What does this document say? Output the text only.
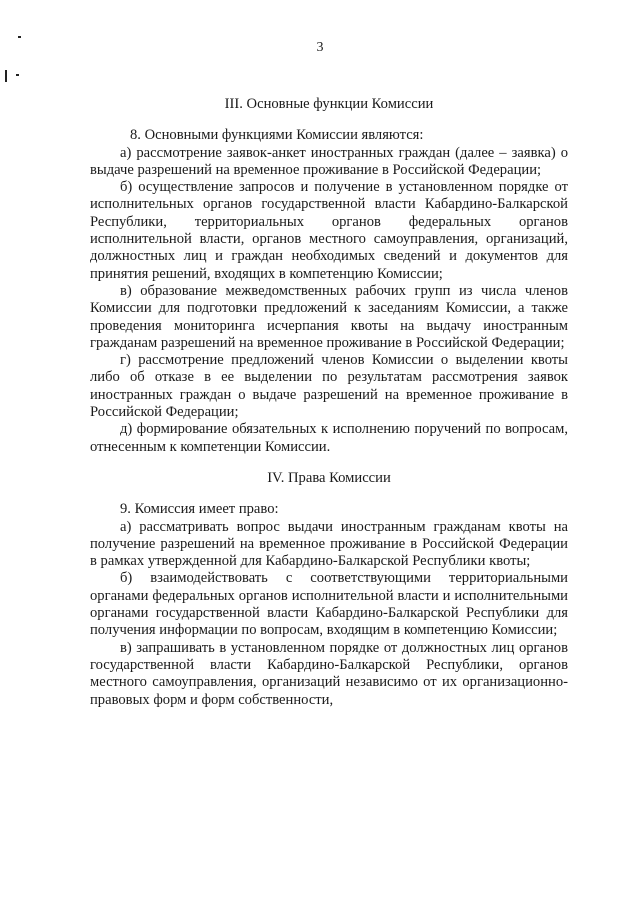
3

III. Основные функции Комиссии

8. Основными функциями Комиссии являются:

а) рассмотрение заявок-анкет иностранных граждан (далее – заявка) о выдаче разрешений на временное проживание в Российской Федерации;

б) осуществление запросов и получение в установленном порядке от исполнительных органов государственной власти Кабардино-Балкарской Республики, территориальных органов федеральных органов исполнительной власти, органов местного самоуправления, организаций, должностных лиц и граждан необходимых сведений и документов для принятия решений, входящих в компетенцию Комиссии;

в) образование межведомственных рабочих групп из числа членов Комиссии для подготовки предложений к заседаниям Комиссии, а также проведения мониторинга исчерпания квоты на выдачу иностранным гражданам разрешений на временное проживание в Российской Федерации;

г) рассмотрение предложений членов Комиссии о выделении квоты либо об отказе в ее выделении по результатам рассмотрения заявок иностранных граждан о выдаче разрешений на временное проживание в Российской Федерации;

д) формирование обязательных к исполнению поручений по вопросам, отнесенным к компетенции Комиссии.

IV. Права Комиссии

9. Комиссия имеет право:

а) рассматривать вопрос выдачи иностранным гражданам квоты на получение разрешений на временное проживание в Российской Федерации в рамках утвержденной для Кабардино-Балкарской Республики квоты;

б) взаимодействовать с соответствующими территориальными органами федеральных органов исполнительной власти и исполнительными органами государственной власти Кабардино-Балкарской Республики для получения информации по вопросам, входящим в компетенцию Комиссии;

в) запрашивать в установленном порядке от должностных лиц органов государственной власти Кабардино-Балкарской Республики, органов местного самоуправления, организаций независимо от их организационно-правовых форм и форм собственности,
